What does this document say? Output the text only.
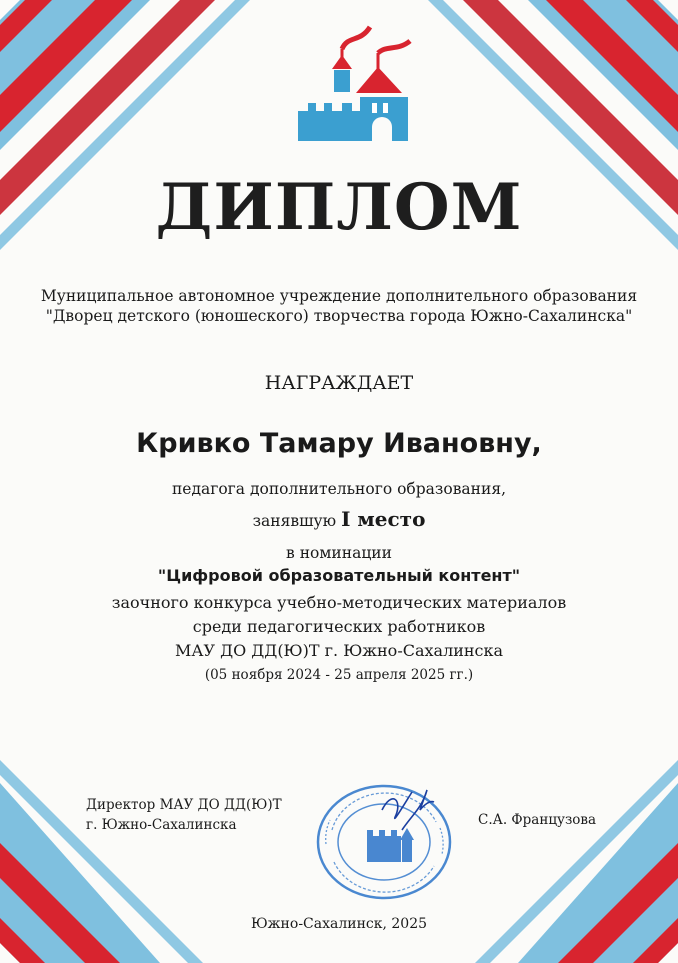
ДИПЛОМ
Муниципальное автономное учреждение дополнительного образования
"Дворец детского (юношеского) творчества города Южно-Сахалинска"
НАГРАЖДАЕТ
Кривко Тамару Ивановну,
педагога дополнительного образования,
занявшую I место
в номинации
"Цифровой образовательный контент"
заочного конкурса учебно-методических материалов
среди педагогических работников
МАУ ДО ДД(Ю)Т г. Южно-Сахалинска
(05 ноября 2024 - 25 апреля 2025 гг.)
Директор МАУ ДО ДД(Ю)Т
г. Южно-Сахалинска	С.А. Французова
Южно-Сахалинск, 2025
